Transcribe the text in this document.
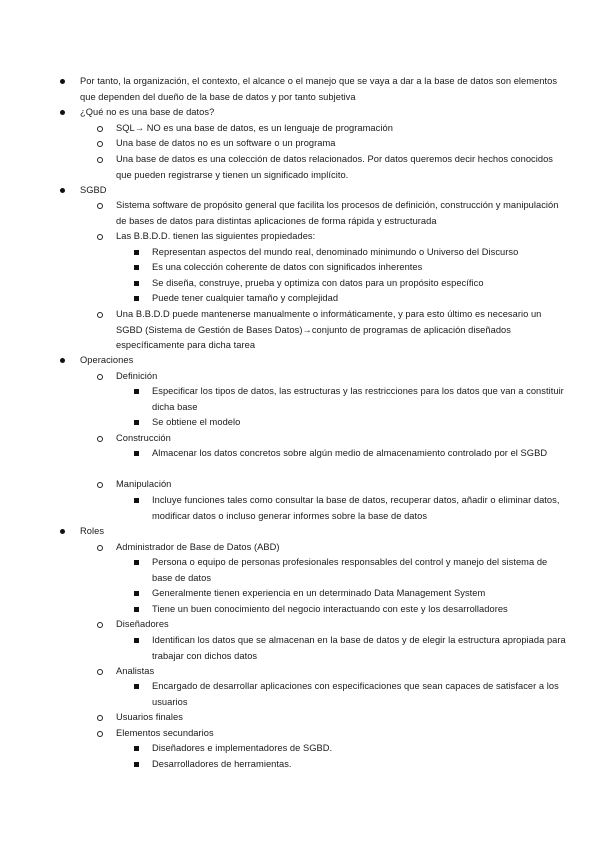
Por tanto, la organización, el contexto, el alcance o el manejo que se vaya a dar a la base de datos son elementos que dependen del dueño de la base de datos y por tanto subjetiva
¿Qué no es una base de datos?
SQL→ NO es una base de datos, es un lenguaje de programación
Una base de datos no es un software o un programa
Una base de datos es una colección de datos relacionados. Por datos queremos decir hechos conocidos que pueden registrarse y tienen un significado implícito.
SGBD
Sistema software de propósito general que facilita los procesos de definición, construcción y manipulación de bases de datos para distintas aplicaciones de forma rápida y estructurada
Las B.B.D.D. tienen las siguientes propiedades:
Representan aspectos del mundo real, denominado minimundo o Universo del Discurso
Es una colección coherente de datos con significados inherentes
Se diseña, construye, prueba y optimiza con datos para un propósito específico
Puede tener cualquier tamaño y complejidad
Una B.B.D.D puede mantenerse manualmente o informáticamente, y para esto último es necesario un SGBD (Sistema de Gestión de Bases Datos)→conjunto de programas de aplicación diseñados específicamente para dicha tarea
Operaciones
Definición
Especificar los tipos de datos, las estructuras y las restricciones para los datos que van a constituir dicha base
Se obtiene el modelo
Construcción
Almacenar los datos concretos sobre algún medio de almacenamiento controlado por el SGBD
Manipulación
Incluye funciones tales como consultar la base de datos, recuperar datos, añadir o eliminar datos, modificar datos o incluso generar informes sobre la base de datos
Roles
Administrador de Base de Datos (ABD)
Persona o equipo de personas profesionales responsables del control y manejo del sistema de base de datos
Generalmente tienen experiencia en un determinado Data Management System
Tiene un buen conocimiento del negocio interactuando con este y los desarrolladores
Diseñadores
Identifican los datos que se almacenan en la base de datos y de elegir la estructura apropiada para trabajar con dichos datos
Analistas
Encargado de desarrollar aplicaciones con especificaciones que sean capaces de satisfacer a los usuarios
Usuarios finales
Elementos secundarios
Diseñadores e implementadores de SGBD.
Desarrolladores de herramientas.
